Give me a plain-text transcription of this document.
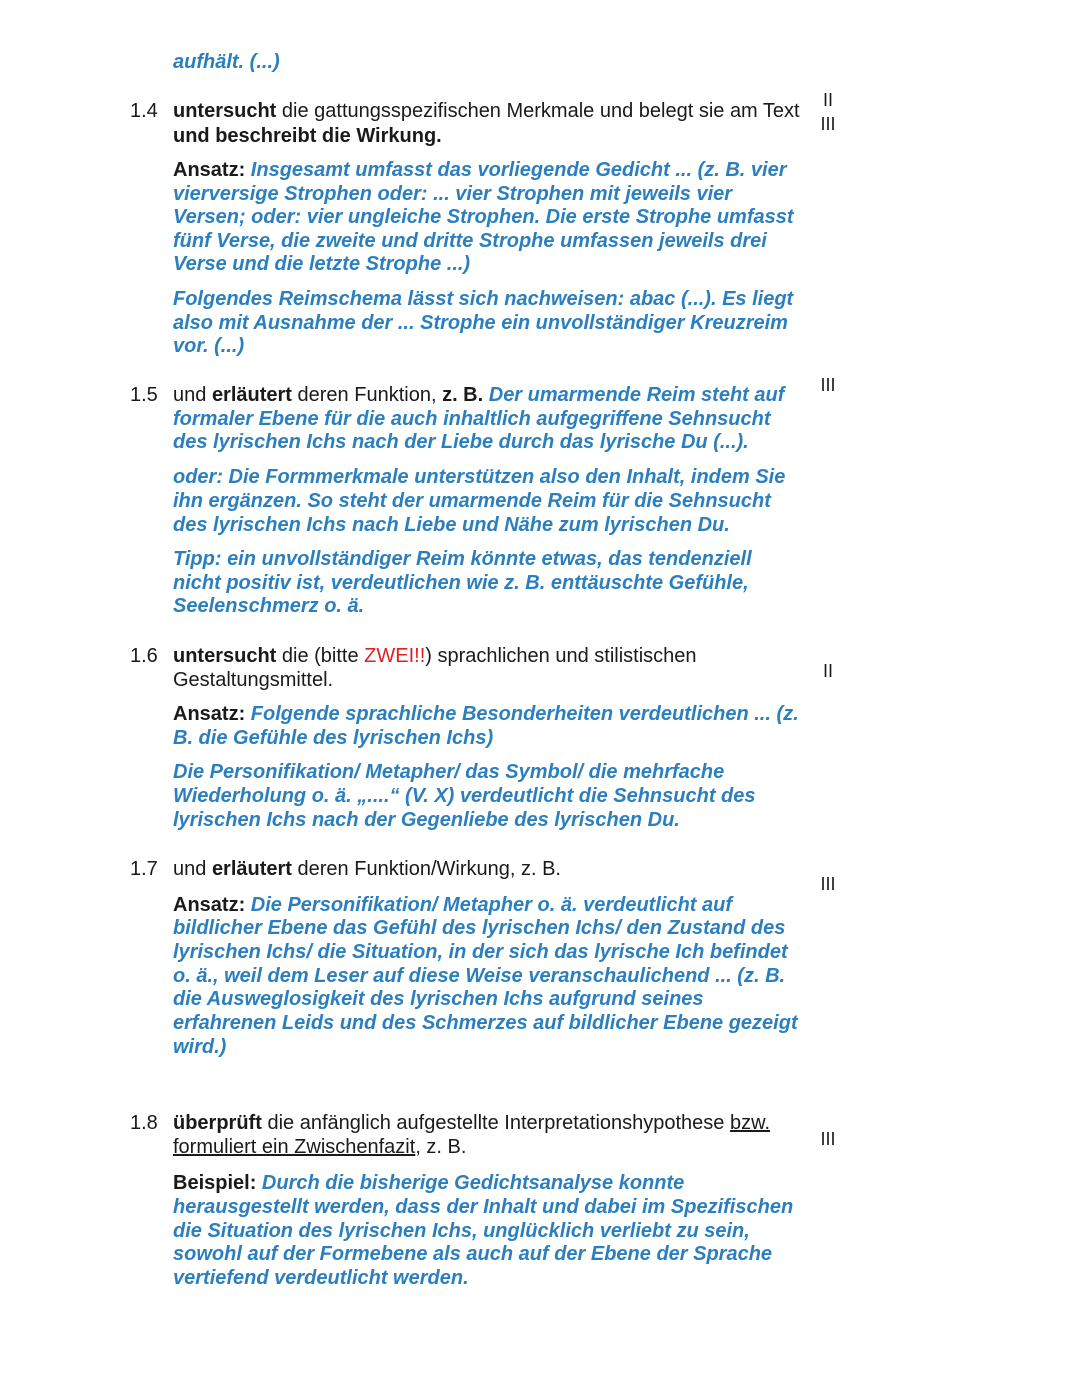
aufhält. (...)
1.4 untersucht die gattungsspezifischen Merkmale und belegt sie am Text
und beschreibt die Wirkung.
II
III
Ansatz: Insgesamt umfasst das vorliegende Gedicht ... (z. B. vier
vierversige Strophen oder: ... vier Strophen mit jeweils vier
Versen; oder: vier ungleiche Strophen. Die erste Strophe umfasst
fünf Verse, die zweite und dritte Strophe umfassen jeweils drei
Verse und die letzte Strophe ...)
Folgendes Reimschema lässt sich nachweisen: abac (...). Es liegt
also mit Ausnahme der ... Strophe ein unvollständiger Kreuzreim
vor. (...)
1.5 und erläutert deren Funktion, z. B. Der umarmende Reim steht auf III
formaler Ebene für die auch inhaltlich aufgegriffene Sehnsucht
des lyrischen Ichs nach der Liebe durch das lyrische Du (...).
oder: Die Formmerkmale unterstützen also den Inhalt, indem Sie
ihn ergänzen. So steht der umarmende Reim für die Sehnsucht
des lyrischen Ichs nach Liebe und Nähe zum lyrischen Du.
Tipp: ein unvollständiger Reim könnte etwas, das tendenziell
nicht positiv ist, verdeutlichen wie z. B. enttäuschte Gefühle,
Seelenschmerz o. ä.
1.6 untersucht die (bitte ZWEI!!) sprachlichen und stilistischen
Gestaltungsmittel.	II
Ansatz: Folgende sprachliche Besonderheiten verdeutlichen ... (z.
B. die Gefühle des lyrischen Ichs)
Die Personifikation/ Metapher/ das Symbol/ die mehrfache
Wiederholung o. ä. „....“ (V. X) verdeutlicht die Sehnsucht des
lyrischen Ichs nach der Gegenliebe des lyrischen Du.
1.7 und erläutert deren Funktion/Wirkung, z. B.
III
Ansatz: Die Personifikation/ Metapher o. ä. verdeutlicht auf
bildlicher Ebene das Gefühl des lyrischen Ichs/ den Zustand des
lyrischen Ichs/ die Situation, in der sich das lyrische Ich befindet
o. ä., weil dem Leser auf diese Weise veranschaulichend ... (z. B.
die Ausweglosigkeit des lyrischen Ichs aufgrund seines
erfahrenen Leids und des Schmerzes auf bildlicher Ebene gezeigt
wird.)
1.8 überprüft die anfänglich aufgestellte Interpretationshypothese bzw.
formuliert ein Zwischenfazit, z. B.	III
Beispiel: Durch die bisherige Gedichtsanalyse konnte
herausgestellt werden, dass der Inhalt und dabei im Spezifischen
die Situation des lyrischen Ichs, unglücklich verliebt zu sein,
sowohl auf der Formebene als auch auf der Ebene der Sprache
vertiefend verdeutlicht werden.
